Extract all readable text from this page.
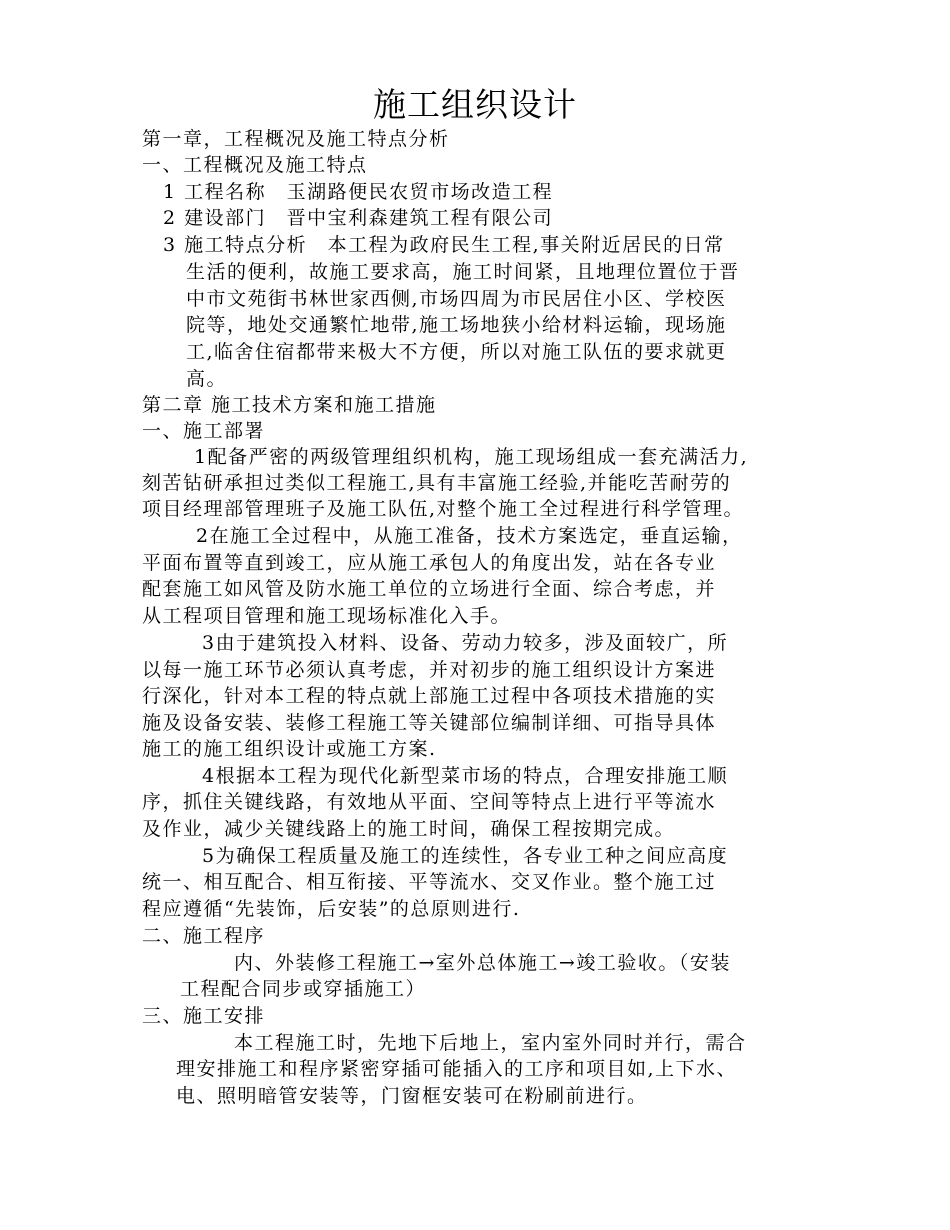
施工组织设计
第一章，工程概况及施工特点分析
一、工程概况及施工特点
1 工程名称　玉湖路便民农贸市场改造工程
2 建设部门　晋中宝利森建筑工程有限公司
3 施工特点分析　本工程为政府民生工程,事关附近居民的日常
生活的便利，故施工要求高，施工时间紧，且地理位置位于晋
中市文苑街书林世家西侧,市场四周为市民居住小区、学校医
院等，地处交通繁忙地带,施工场地狭小给材料运输，现场施
工,临舍住宿都带来极大不方便，所以对施工队伍的要求就更
高。
第二章 施工技术方案和施工措施
一、施工部署
1配备严密的两级管理组织机构，施工现场组成一套充满活力,
刻苦钻研承担过类似工程施工,具有丰富施工经验,并能吃苦耐劳的
项目经理部管理班子及施工队伍,对整个施工全过程进行科学管理。
2在施工全过程中，从施工准备，技术方案选定，垂直运输，
平面布置等直到竣工，应从施工承包人的角度出发，站在各专业
配套施工如风管及防水施工单位的立场进行全面、综合考虑，并
从工程项目管理和施工现场标准化入手。
3由于建筑投入材料、设备、劳动力较多，涉及面较广，所
以每一施工环节必须认真考虑，并对初步的施工组织设计方案进
行深化，针对本工程的特点就上部施工过程中各项技术措施的实
施及设备安装、装修工程施工等关键部位编制详细、可指导具体
施工的施工组织设计或施工方案.
4根据本工程为现代化新型菜市场的特点，合理安排施工顺
序，抓住关键线路，有效地从平面、空间等特点上进行平等流水
及作业，减少关键线路上的施工时间，确保工程按期完成。
5为确保工程质量及施工的连续性，各专业工种之间应高度
统一、相互配合、相互衔接、平等流水、交叉作业。整个施工过
程应遵循“先装饰，后安装”的总原则进行.
二、施工程序
内、外装修工程施工→室外总体施工→竣工验收。（安装
工程配合同步或穿插施工）
三、施工安排
本工程施工时，先地下后地上，室内室外同时并行，需合
理安排施工和程序紧密穿插可能插入的工序和项目如,上下水、
电、照明暗管安装等，门窗框安装可在粉刷前进行。
